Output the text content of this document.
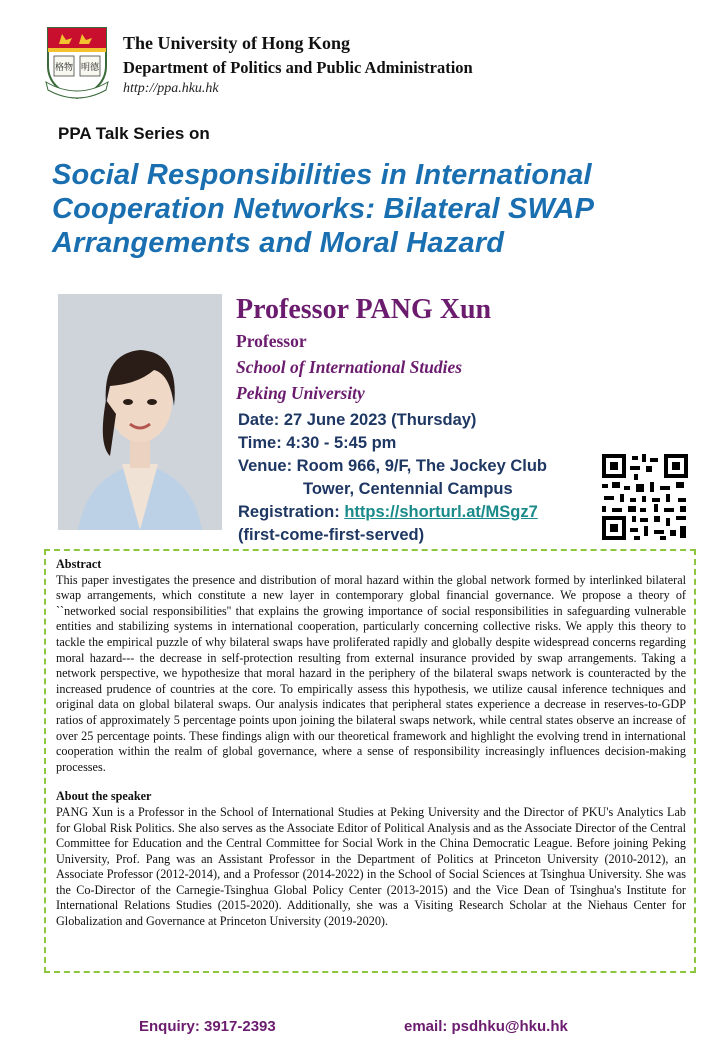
格物 明德
The University of Hong Kong
Department of Politics and Public Administration
http://ppa.hku.hk
PPA Talk Series on
Social Responsibilities in International Cooperation Networks: Bilateral SWAP Arrangements and Moral Hazard
Professor PANG Xun
Professor
School of International Studies
Peking University
Date: 27 June 2023 (Thursday)
Time: 4:30 - 5:45 pm
Venue: Room 966, 9/F, The Jockey Club
Tower, Centennial Campus
Registration: https://shorturl.at/MSgz7
(first-come-first-served)
Abstract
This paper investigates the presence and distribution of moral hazard within the global network formed by interlinked bilateral swap arrangements, which constitute a new layer in contemporary global financial governance. We propose a theory of ``networked social responsibilities'' that explains the growing importance of social responsibilities in safeguarding vulnerable entities and stabilizing systems in international cooperation, particularly concerning collective risks. We apply this theory to tackle the empirical puzzle of why bilateral swaps have proliferated rapidly and globally despite widespread concerns regarding moral hazard--- the decrease in self-protection resulting from external insurance provided by swap arrangements. Taking a network perspective, we hypothesize that moral hazard in the periphery of the bilateral swaps network is counteracted by the increased prudence of countries at the core. To empirically assess this hypothesis, we utilize causal inference techniques and original data on global bilateral swaps. Our analysis indicates that peripheral states experience a decrease in reserves-to-GDP ratios of approximately 5 percentage points upon joining the bilateral swaps network, while central states observe an increase of over 25 percentage points. These findings align with our theoretical framework and highlight the evolving trend in international cooperation within the realm of global governance, where a sense of responsibility increasingly influences decision-making processes.
About the speaker
PANG Xun is a Professor in the School of International Studies at Peking University and the Director of PKU's Analytics Lab for Global Risk Politics. She also serves as the Associate Editor of Political Analysis and as the Associate Director of the Central Committee for Education and the Central Committee for Social Work in the China Democratic League. Before joining Peking University, Prof. Pang was an Assistant Professor in the Department of Politics at Princeton University (2010-2012), an Associate Professor (2012-2014), and a Professor (2014-2022) in the School of Social Sciences at Tsinghua University. She was the Co-Director of the Carnegie-Tsinghua Global Policy Center (2013-2015) and the Vice Dean of Tsinghua's Institute for International Relations Studies (2015-2020). Additionally, she was a Visiting Research Scholar at the Niehaus Center for Globalization and Governance at Princeton University (2019-2020).
Enquiry: 3917-2393	email: psdhku@hku.hk
